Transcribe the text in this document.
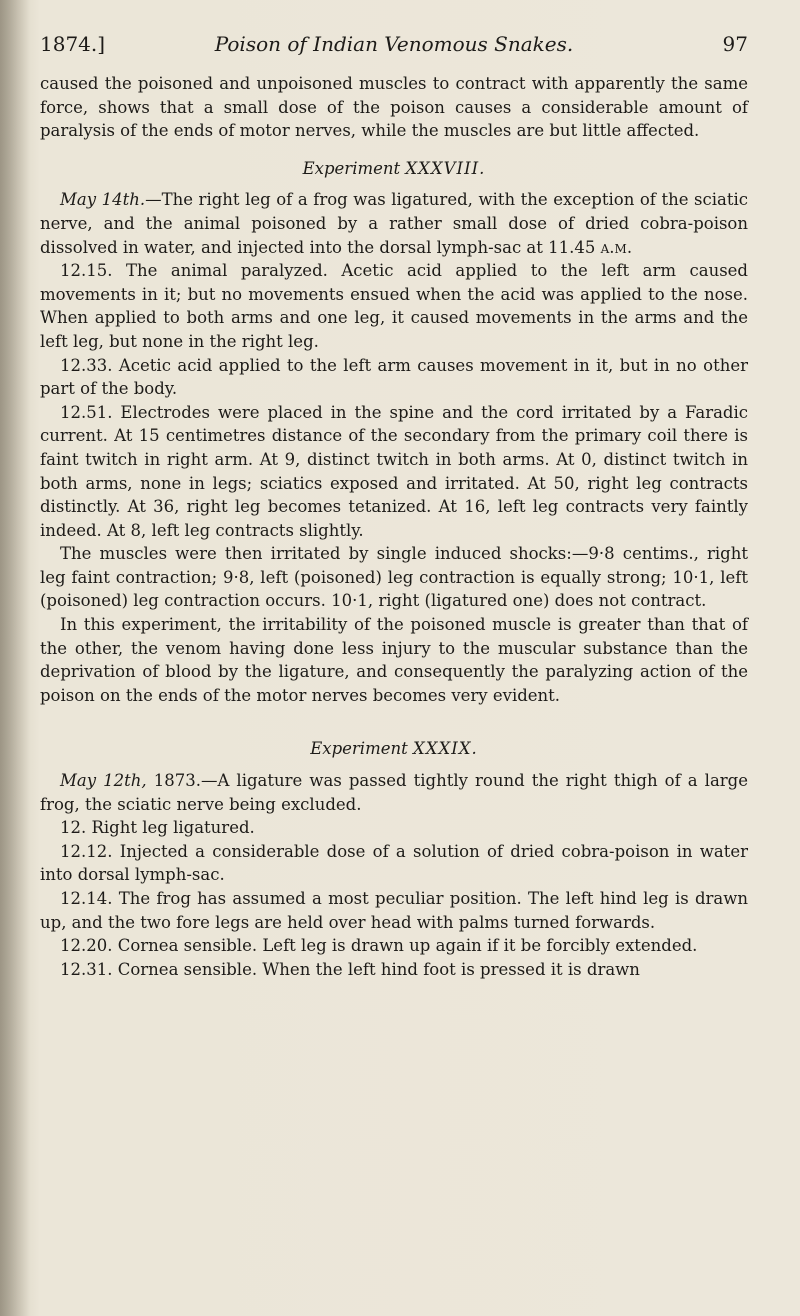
1874.]	Poison of Indian Venomous Snakes.	97

caused the poisoned and unpoisoned muscles to contract with apparently the same force, shows that a small dose of the poison causes a considerable amount of paralysis of the ends of motor nerves, while the muscles are but little affected.

Experiment XXXVIII.

May 14th.—The right leg of a frog was ligatured, with the exception of the sciatic nerve, and the animal poisoned by a rather small dose of dried cobra-poison dissolved in water, and injected into the dorsal lymph-sac at 11.45 a.m.

12.15. The animal paralyzed. Acetic acid applied to the left arm caused movements in it; but no movements ensued when the acid was applied to the nose. When applied to both arms and one leg, it caused movements in the arms and the left leg, but none in the right leg.

12.33. Acetic acid applied to the left arm causes movement in it, but in no other part of the body.

12.51. Electrodes were placed in the spine and the cord irritated by a Faradic current. At 15 centimetres distance of the secondary from the primary coil there is faint twitch in right arm. At 9, distinct twitch in both arms. At 0, distinct twitch in both arms, none in legs; sciatics exposed and irritated. At 50, right leg contracts distinctly. At 36, right leg becomes tetanized. At 16, left leg contracts very faintly indeed. At 8, left leg contracts slightly.

The muscles were then irritated by single induced shocks:—9·8 centims., right leg faint contraction; 9·8, left (poisoned) leg contraction is equally strong; 10·1, left (poisoned) leg contraction occurs. 10·1, right (ligatured one) does not contract.

In this experiment, the irritability of the poisoned muscle is greater than that of the other, the venom having done less injury to the muscular substance than the deprivation of blood by the ligature, and consequently the paralyzing action of the poison on the ends of the motor nerves becomes very evident.

Experiment XXXIX.

May 12th, 1873.—A ligature was passed tightly round the right thigh of a large frog, the sciatic nerve being excluded.

12. Right leg ligatured.

12.12. Injected a considerable dose of a solution of dried cobra-poison in water into dorsal lymph-sac.

12.14. The frog has assumed a most peculiar position. The left hind leg is drawn up, and the two fore legs are held over head with palms turned forwards.

12.20. Cornea sensible. Left leg is drawn up again if it be forcibly extended.

12.31. Cornea sensible. When the left hind foot is pressed it is drawn
